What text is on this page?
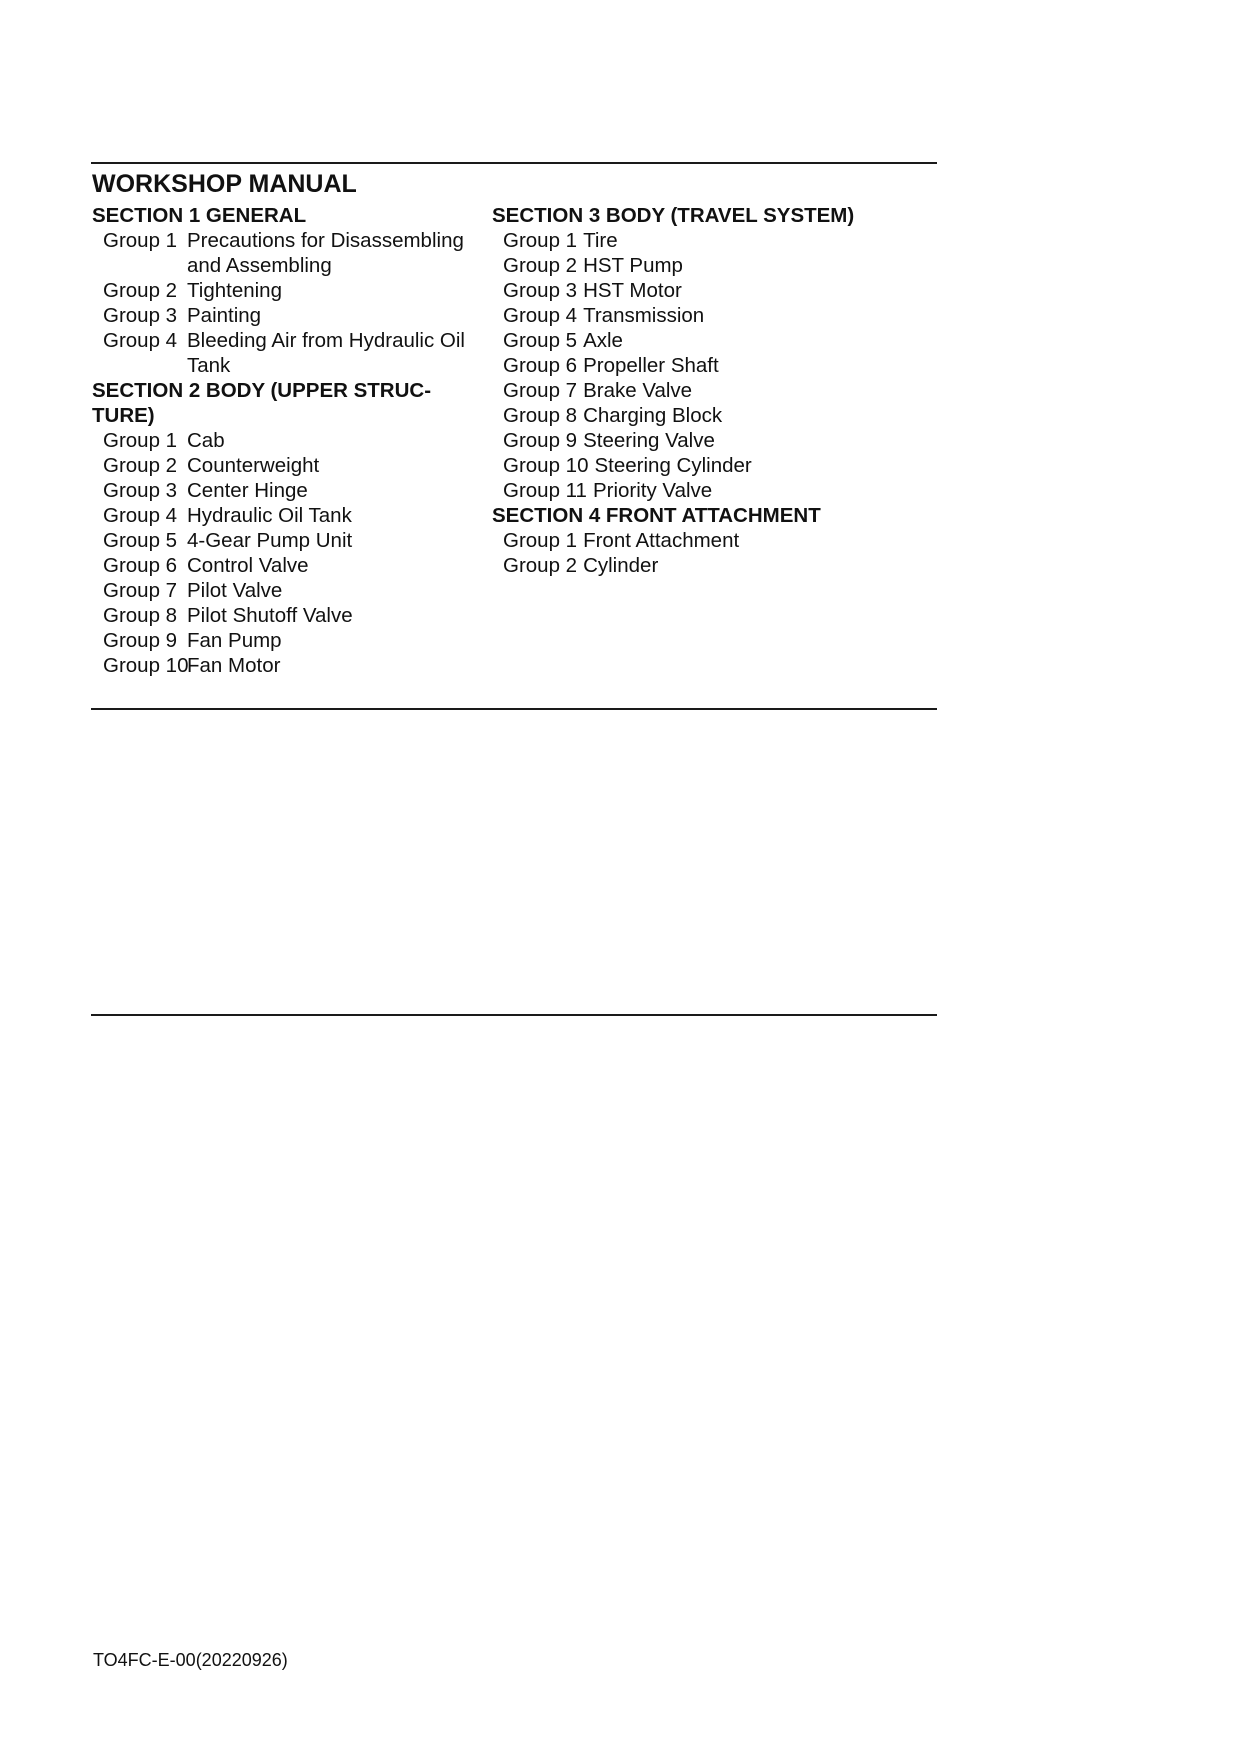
WORKSHOP MANUAL
SECTION 1 GENERAL
Group 1 Precautions for Disassembling and Assembling
Group 2 Tightening
Group 3 Painting
Group 4 Bleeding Air from Hydraulic Oil Tank
SECTION 2 BODY (UPPER STRUC-TURE)
Group 1 Cab
Group 2 Counterweight
Group 3 Center Hinge
Group 4 Hydraulic Oil Tank
Group 5 4-Gear Pump Unit
Group 6 Control Valve
Group 7 Pilot Valve
Group 8 Pilot Shutoff Valve
Group 9 Fan Pump
Group 10
Fan Motor
SECTION 3 BODY (TRAVEL SYSTEM)
Group 1 Tire
Group 2 HST Pump
Group 3 HST Motor
Group 4 Transmission
Group 5 Axle
Group 6 Propeller Shaft
Group 7 Brake Valve
Group 8 Charging Block
Group 9 Steering Valve
Group 10 Steering Cylinder
Group 11 Priority Valve
SECTION 4 FRONT ATTACHMENT
Group 1 Front Attachment
Group 2 Cylinder
TO4FC-E-00(20220926)
